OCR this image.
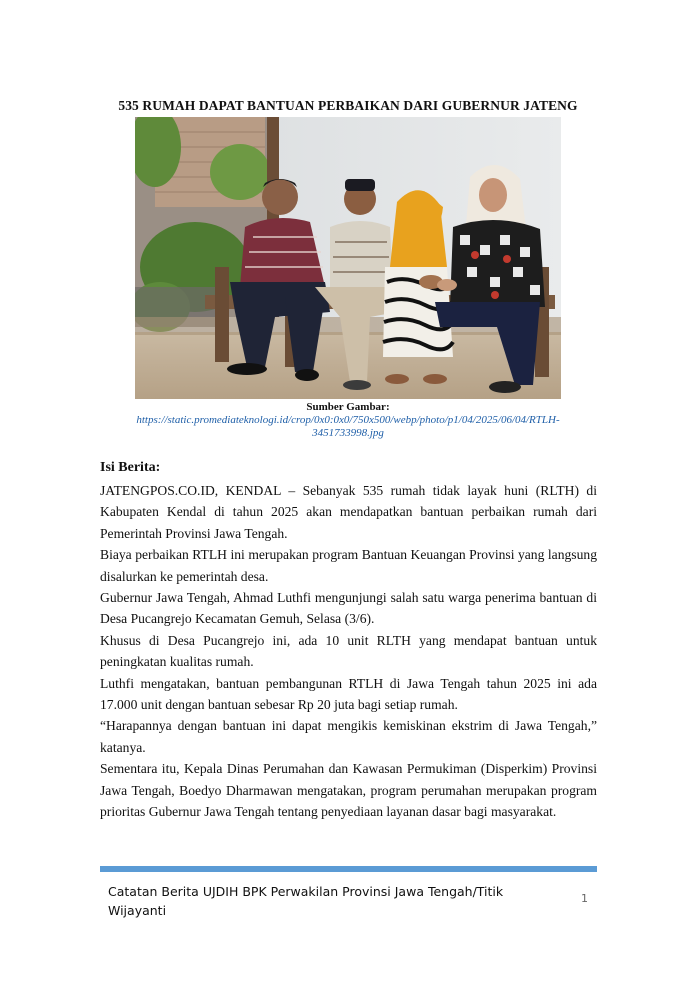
535 RUMAH DAPAT BANTUAN PERBAIKAN DARI GUBERNUR JATENG
Sumber Gambar:
https://static.promediateknologi.id/crop/0x0:0x0/750x500/webp/photo/p1/04/2025/06/04/RTLH-3451733998.jpg
Isi Berita:

JATENGPOS.CO.ID, KENDAL – Sebanyak 535 rumah tidak layak huni (RLTH) di Kabupaten Kendal di tahun 2025 akan mendapatkan bantuan perbaikan rumah dari Pemerintah Provinsi Jawa Tengah.

Biaya perbaikan RTLH ini merupakan program Bantuan Keuangan Provinsi yang langsung disalurkan ke pemerintah desa.

Gubernur Jawa Tengah, Ahmad Luthfi mengunjungi salah satu warga penerima bantuan di Desa Pucangrejo Kecamatan Gemuh, Selasa (3/6).

Khusus di Desa Pucangrejo ini, ada 10 unit RLTH yang mendapat bantuan untuk peningkatan kualitas rumah.

Luthfi mengatakan, bantuan pembangunan RTLH di Jawa Tengah tahun 2025 ini ada 17.000 unit dengan bantuan sebesar Rp 20 juta bagi setiap rumah.

“Harapannya dengan bantuan ini dapat mengikis kemiskinan ekstrim di Jawa Tengah,” katanya.

Sementara itu, Kepala Dinas Perumahan dan Kawasan Permukiman (Disperkim) Provinsi Jawa Tengah, Boedyo Dharmawan mengatakan, program perumahan merupakan program prioritas Gubernur Jawa Tengah tentang penyediaan layanan dasar bagi masyarakat.

Catatan Berita UJDIH BPK Perwakilan Provinsi Jawa Tengah/Titik Wijayanti
1
